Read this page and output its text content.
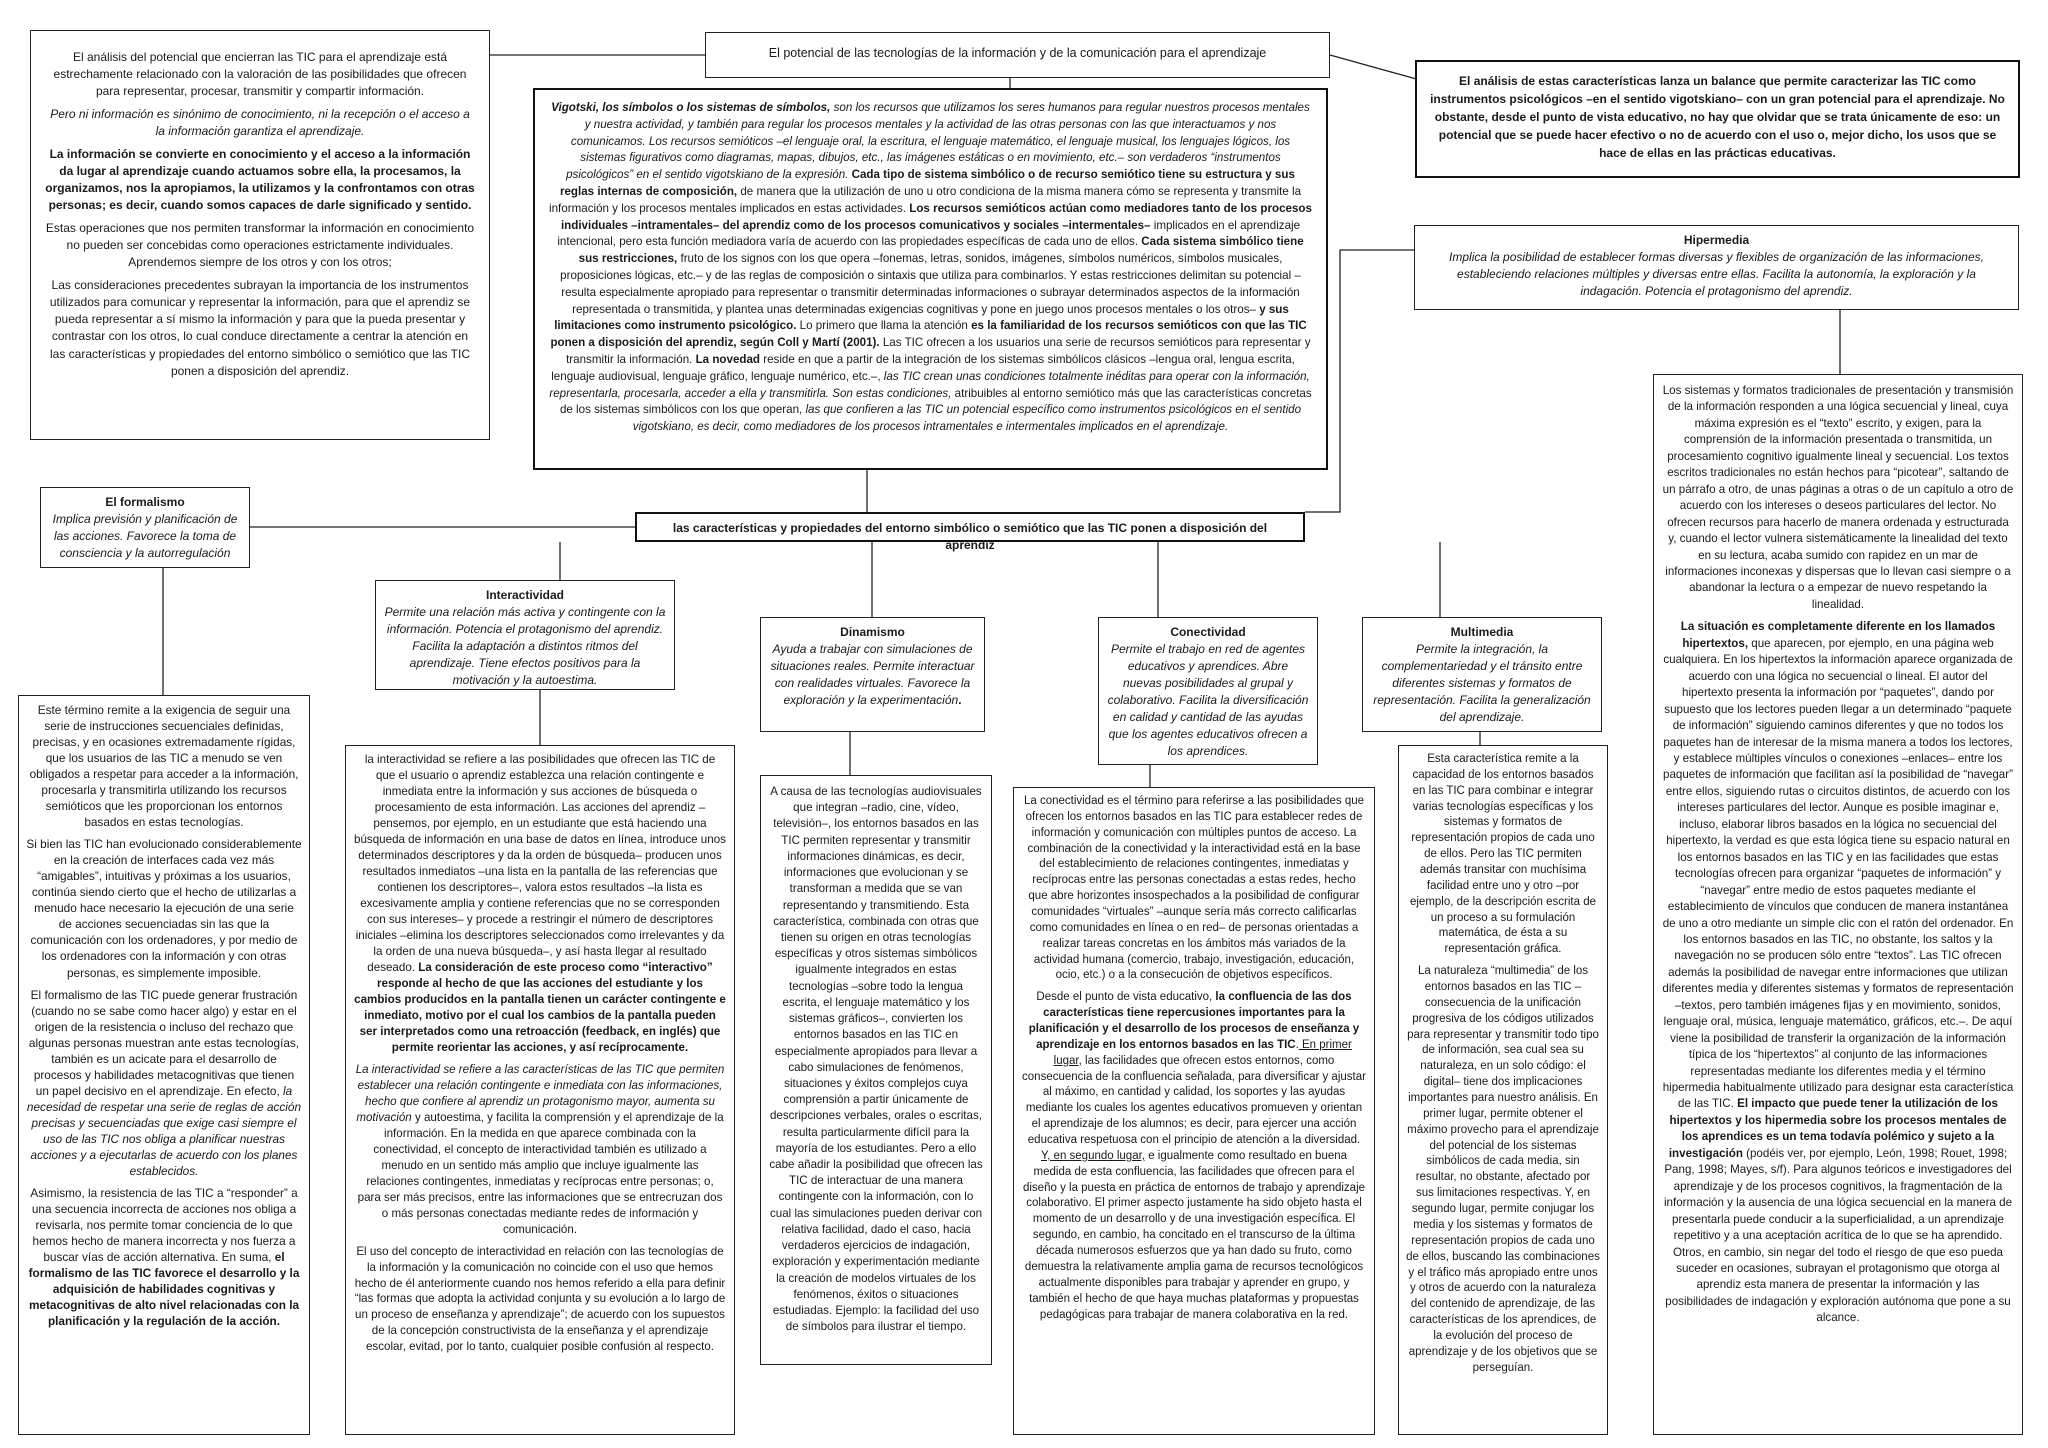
El potencial de las tecnologías de la información y de la comunicación para el aprendizaje

El análisis del potencial que encierran las TIC para el aprendizaje está estrechamente relacionado con la valoración de las posibilidades que ofrecen para representar, procesar, transmitir y compartir información.

Pero ni información es sinónimo de conocimiento, ni la recepción o el acceso a la información garantiza el aprendizaje.

La información se convierte en conocimiento y el acceso a la información da lugar al aprendizaje cuando actuamos sobre ella, la procesamos, la organizamos, nos la apropiamos, la utilizamos y la confrontamos con otras personas; es decir, cuando somos capaces de darle significado y sentido.

Estas operaciones que nos permiten transformar la información en conocimiento no pueden ser concebidas como operaciones estrictamente individuales. Aprendemos siempre de los otros y con los otros;

Las consideraciones precedentes subrayan la importancia de los instrumentos utilizados para comunicar y representar la información, para que el aprendiz se pueda representar a sí mismo la información y para que la pueda presentar y contrastar con los otros, lo cual conduce directamente a centrar la atención en las características y propiedades del entorno simbólico o semiótico que las TIC ponen a disposición del aprendiz.

Vigotski, los símbolos o los sistemas de símbolos, son los recursos que utilizamos los seres humanos para regular nuestros procesos mentales y nuestra actividad, y también para regular los procesos mentales y la actividad de las otras personas con las que interactuamos y nos comunicamos. Los recursos semióticos –el lenguaje oral, la escritura, el lenguaje matemático, el lenguaje musical, los lenguajes lógicos, los sistemas figurativos como diagramas, mapas, dibujos, etc., las imágenes estáticas o en movimiento, etc.– son verdaderos “instrumentos psicológicos” en el sentido vigotskiano de la expresión. Cada tipo de sistema simbólico o de recurso semiótico tiene su estructura y sus reglas internas de composición, de manera que la utilización de uno u otro condiciona de la misma manera cómo se representa y transmite la información y los procesos mentales implicados en estas actividades. Los recursos semióticos actúan como mediadores tanto de los procesos individuales –intramentales– del aprendiz como de los procesos comunicativos y sociales –intermentales– implicados en el aprendizaje intencional, pero esta función mediadora varía de acuerdo con las propiedades específicas de cada uno de ellos. Cada sistema simbólico tiene sus restricciones, fruto de los signos con los que opera –fonemas, letras, sonidos, imágenes, símbolos numéricos, símbolos musicales, proposiciones lógicas, etc.– y de las reglas de composición o sintaxis que utiliza para combinarlos. Y estas restricciones delimitan su potencial –resulta especialmente apropiado para representar o transmitir determinadas informaciones o subrayar determinados aspectos de la información representada o transmitida, y plantea unas determinadas exigencias cognitivas y pone en juego unos procesos mentales o los otros– y sus limitaciones como instrumento psicológico. Lo primero que llama la atención es la familiaridad de los recursos semióticos con que las TIC ponen a disposición del aprendiz, según Coll y Martí (2001). Las TIC ofrecen a los usuarios una serie de recursos semióticos para representar y transmitir la información. La novedad reside en que a partir de la integración de los sistemas simbólicos clásicos –lengua oral, lengua escrita, lenguaje audiovisual, lenguaje gráfico, lenguaje numérico, etc.–, las TIC crean unas condiciones totalmente inéditas para operar con la información, representarla, procesarla, acceder a ella y transmitirla. Son estas condiciones, atribuibles al entorno semiótico más que las características concretas de los sistemas simbólicos con los que operan, las que confieren a las TIC un potencial específico como instrumentos psicológicos en el sentido vigotskiano, es decir, como mediadores de los procesos intramentales e intermentales implicados en el aprendizaje.
El análisis de estas características lanza un balance que permite caracterizar las TIC como instrumentos psicológicos –en el sentido vigotskiano– con un gran potencial para el aprendizaje. No obstante, desde el punto de vista educativo, no hay que olvidar que se trata únicamente de eso: un potencial que se puede hacer efectivo o no de acuerdo con el uso o, mejor dicho, los usos que se hace de ellas en las prácticas educativas.
Hipermedia
Implica la posibilidad de establecer formas diversas y flexibles de organización de las informaciones, estableciendo relaciones múltiples y diversas entre ellas. Facilita la autonomía, la exploración y la indagación. Potencia el protagonismo del aprendiz.
las características y propiedades del entorno simbólico o semiótico que las TIC ponen a disposición del aprendiz
El formalismo
Implica previsión y planificación de las acciones. Favorece la toma de consciencia y la autorregulación
Interactividad
Permite una relación más activa y contingente con la información. Potencia el protagonismo del aprendiz. Facilita la adaptación a distintos ritmos del aprendizaje. Tiene efectos positivos para la motivación y la autoestima.
Dinamismo
Ayuda a trabajar con simulaciones de situaciones reales. Permite interactuar con realidades virtuales. Favorece la exploración y la experimentación.
Conectividad
Permite el trabajo en red de agentes educativos y aprendices. Abre nuevas posibilidades al grupal y colaborativo. Facilita la diversificación en calidad y cantidad de las ayudas que los agentes educativos ofrecen a los aprendices.
Multimedia
Permite la integración, la complementariedad y el tránsito entre diferentes sistemas y formatos de representación. Facilita la generalización del aprendizaje.

Este término remite a la exigencia de seguir una serie de instrucciones secuenciales definidas, precisas, y en ocasiones extremadamente rígidas, que los usuarios de las TIC a menudo se ven obligados a respetar para acceder a la información, procesarla y transmitirla utilizando los recursos semióticos que les proporcionan los entornos basados en estas tecnologías.

Si bien las TIC han evolucionado considerablemente en la creación de interfaces cada vez más “amigables”, intuitivas y próximas a los usuarios, continúa siendo cierto que el hecho de utilizarlas a menudo hace necesario la ejecución de una serie de acciones secuenciadas sin las que la comunicación con los ordenadores, y por medio de los ordenadores con la información y con otras personas, es simplemente imposible.

El formalismo de las TIC puede generar frustración (cuando no se sabe como hacer algo) y estar en el origen de la resistencia o incluso del rechazo que algunas personas muestran ante estas tecnologías, también es un acicate para el desarrollo de procesos y habilidades metacognitivas que tienen un papel decisivo en el aprendizaje. En efecto, la necesidad de respetar una serie de reglas de acción precisas y secuenciadas que exige casi siempre el uso de las TIC nos obliga a planificar nuestras acciones y a ejecutarlas de acuerdo con los planes establecidos.

Asimismo, la resistencia de las TIC a “responder” a una secuencia incorrecta de acciones nos obliga a revisarla, nos permite tomar conciencia de lo que hemos hecho de manera incorrecta y nos fuerza a buscar vías de acción alternativa. En suma, el formalismo de las TIC favorece el desarrollo y la adquisición de habilidades cognitivas y metacognitivas de alto nivel relacionadas con la planificación y la regulación de la acción.

la interactividad se refiere a las posibilidades que ofrecen las TIC de que el usuario o aprendiz establezca una relación contingente e inmediata entre la información y sus acciones de búsqueda o procesamiento de esta información. Las acciones del aprendiz –pensemos, por ejemplo, en un estudiante que está haciendo una búsqueda de información en una base de datos en línea, introduce unos determinados descriptores y da la orden de búsqueda– producen unos resultados inmediatos –una lista en la pantalla de las referencias que contienen los descriptores–, valora estos resultados –la lista es excesivamente amplia y contiene referencias que no se corresponden con sus intereses– y procede a restringir el número de descriptores iniciales –elimina los descriptores seleccionados como irrelevantes y da la orden de una nueva búsqueda–, y así hasta llegar al resultado deseado. La consideración de este proceso como “interactivo” responde al hecho de que las acciones del estudiante y los cambios producidos en la pantalla tienen un carácter contingente e inmediato, motivo por el cual los cambios de la pantalla pueden ser interpretados como una retroacción (feedback, en inglés) que permite reorientar las acciones, y así recíprocamente.

La interactividad se refiere a las características de las TIC que permiten establecer una relación contingente e inmediata con las informaciones, hecho que confiere al aprendiz un protagonismo mayor, aumenta su motivación y autoestima, y facilita la comprensión y el aprendizaje de la información. En la medida en que aparece combinada con la conectividad, el concepto de interactividad también es utilizado a menudo en un sentido más amplio que incluye igualmente las relaciones contingentes, inmediatas y recíprocas entre personas; o, para ser más precisos, entre las informaciones que se entrecruzan dos o más personas conectadas mediante redes de información y comunicación.

El uso del concepto de interactividad en relación con las tecnologías de la información y la comunicación no coincide con el uso que hemos hecho de él anteriormente cuando nos hemos referido a ella para definir “las formas que adopta la actividad conjunta y su evolución a lo largo de un proceso de enseñanza y aprendizaje”; de acuerdo con los supuestos de la concepción constructivista de la enseñanza y el aprendizaje escolar, evitad, por lo tanto, cualquier posible confusión al respecto.

A causa de las tecnologías audiovisuales que integran –radio, cine, vídeo, televisión–, los entornos basados en las TIC permiten representar y transmitir informaciones dinámicas, es decir, informaciones que evolucionan y se transforman a medida que se van representando y transmitiendo. Esta característica, combinada con otras que tienen su origen en otras tecnologías específicas y otros sistemas simbólicos igualmente integrados en estas tecnologías –sobre todo la lengua escrita, el lenguaje matemático y los sistemas gráficos–, convierten los entornos basados en las TIC en especialmente apropiados para llevar a cabo simulaciones de fenómenos, situaciones y éxitos complejos cuya comprensión a partir únicamente de descripciones verbales, orales o escritas, resulta particularmente difícil para la mayoría de los estudiantes. Pero a ello cabe añadir la posibilidad que ofrecen las TIC de interactuar de una manera contingente con la información, con lo cual las simulaciones pueden derivar con relativa facilidad, dado el caso, hacia verdaderos ejercicios de indagación, exploración y experimentación mediante la creación de modelos virtuales de los fenómenos, éxitos o situaciones estudiadas. Ejemplo: la facilidad del uso de símbolos para ilustrar el tiempo.

La conectividad es el término para referirse a las posibilidades que ofrecen los entornos basados en las TIC para establecer redes de información y comunicación con múltiples puntos de acceso. La combinación de la conectividad y la interactividad está en la base del establecimiento de relaciones contingentes, inmediatas y recíprocas entre las personas conectadas a estas redes, hecho que abre horizontes insospechados a la posibilidad de configurar comunidades “virtuales” –aunque sería más correcto calificarlas como comunidades en línea o en red– de personas orientadas a realizar tareas concretas en los ámbitos más variados de la actividad humana (comercio, trabajo, investigación, educación, ocio, etc.) o a la consecución de objetivos específicos.

Desde el punto de vista educativo, la confluencia de las dos características tiene repercusiones importantes para la planificación y el desarrollo de los procesos de enseñanza y aprendizaje en los entornos basados en las TIC. En primer lugar, las facilidades que ofrecen estos entornos, como consecuencia de la confluencia señalada, para diversificar y ajustar al máximo, en cantidad y calidad, los soportes y las ayudas mediante los cuales los agentes educativos promueven y orientan el aprendizaje de los alumnos; es decir, para ejercer una acción educativa respetuosa con el principio de atención a la diversidad. Y, en segundo lugar, e igualmente como resultado en buena medida de esta confluencia, las facilidades que ofrecen para el diseño y la puesta en práctica de entornos de trabajo y aprendizaje colaborativo. El primer aspecto justamente ha sido objeto hasta el momento de un desarrollo y de una investigación específica. El segundo, en cambio, ha concitado en el transcurso de la última década numerosos esfuerzos que ya han dado su fruto, como demuestra la relativamente amplia gama de recursos tecnológicos actualmente disponibles para trabajar y aprender en grupo, y también el hecho de que haya muchas plataformas y propuestas pedagógicas para trabajar de manera colaborativa en la red.

Esta característica remite a la capacidad de los entornos basados en las TIC para combinar e integrar varias tecnologías específicas y los sistemas y formatos de representación propios de cada uno de ellos. Pero las TIC permiten además transitar con muchísima facilidad entre uno y otro –por ejemplo, de la descripción escrita de un proceso a su formulación matemática, de ésta a su representación gráfica.

La naturaleza “multimedia” de los entornos basados en las TIC –consecuencia de la unificación progresiva de los códigos utilizados para representar y transmitir todo tipo de información, sea cual sea su naturaleza, en un solo código: el digital– tiene dos implicaciones importantes para nuestro análisis. En primer lugar, permite obtener el máximo provecho para el aprendizaje del potencial de los sistemas simbólicos de cada media, sin resultar, no obstante, afectado por sus limitaciones respectivas. Y, en segundo lugar, permite conjugar los media y los sistemas y formatos de representación propios de cada uno de ellos, buscando las combinaciones y el tráfico más apropiado entre unos y otros de acuerdo con la naturaleza del contenido de aprendizaje, de las características de los aprendices, de la evolución del proceso de aprendizaje y de los objetivos que se perseguían.

Los sistemas y formatos tradicionales de presentación y transmisión de la información responden a una lógica secuencial y lineal, cuya máxima expresión es el “texto” escrito, y exigen, para la comprensión de la información presentada o transmitida, un procesamiento cognitivo igualmente lineal y secuencial. Los textos escritos tradicionales no están hechos para “picotear”, saltando de un párrafo a otro, de unas páginas a otras o de un capítulo a otro de acuerdo con los intereses o deseos particulares del lector. No ofrecen recursos para hacerlo de manera ordenada y estructurada y, cuando el lector vulnera sistemáticamente la linealidad del texto en su lectura, acaba sumido con rapidez en un mar de informaciones inconexas y dispersas que lo llevan casi siempre o a abandonar la lectura o a empezar de nuevo respetando la linealidad.

La situación es completamente diferente en los llamados hipertextos, que aparecen, por ejemplo, en una página web cualquiera. En los hipertextos la información aparece organizada de acuerdo con una lógica no secuencial o lineal. El autor del hipertexto presenta la información por “paquetes”, dando por supuesto que los lectores pueden llegar a un determinado “paquete de información” siguiendo caminos diferentes y que no todos los paquetes han de interesar de la misma manera a todos los lectores, y establece múltiples vínculos o conexiones –enlaces– entre los paquetes de información que facilitan así la posibilidad de “navegar” entre ellos, siguiendo rutas o circuitos distintos, de acuerdo con los intereses particulares del lector. Aunque es posible imaginar e, incluso, elaborar libros basados en la lógica no secuencial del hipertexto, la verdad es que esta lógica tiene su espacio natural en los entornos basados en las TIC y en las facilidades que estas tecnologías ofrecen para organizar “paquetes de información” y “navegar” entre medio de estos paquetes mediante el establecimiento de vínculos que conducen de manera instantánea de uno a otro mediante un simple clic con el ratón del ordenador. En los entornos basados en las TIC, no obstante, los saltos y la navegación no se producen sólo entre “textos”. Las TIC ofrecen además la posibilidad de navegar entre informaciones que utilizan diferentes media y diferentes sistemas y formatos de representación –textos, pero también imágenes fijas y en movimiento, sonidos, lenguaje oral, música, lenguaje matemático, gráficos, etc.–. De aquí viene la posibilidad de transferir la organización de la información típica de los “hipertextos” al conjunto de las informaciones representadas mediante los diferentes media y el término hipermedia habitualmente utilizado para designar esta característica de las TIC. El impacto que puede tener la utilización de los hipertextos y los hipermedia sobre los procesos mentales de los aprendices es un tema todavía polémico y sujeto a la investigación (podéis ver, por ejemplo, León, 1998; Rouet, 1998; Pang, 1998; Mayes, s/f). Para algunos teóricos e investigadores del aprendizaje y de los procesos cognitivos, la fragmentación de la información y la ausencia de una lógica secuencial en la manera de presentarla puede conducir a la superficialidad, a un aprendizaje repetitivo y a una aceptación acrítica de lo que se ha aprendido. Otros, en cambio, sin negar del todo el riesgo de que eso pueda suceder en ocasiones, subrayan el protagonismo que otorga al aprendiz esta manera de presentar la información y las posibilidades de indagación y exploración autónoma que pone a su alcance.
